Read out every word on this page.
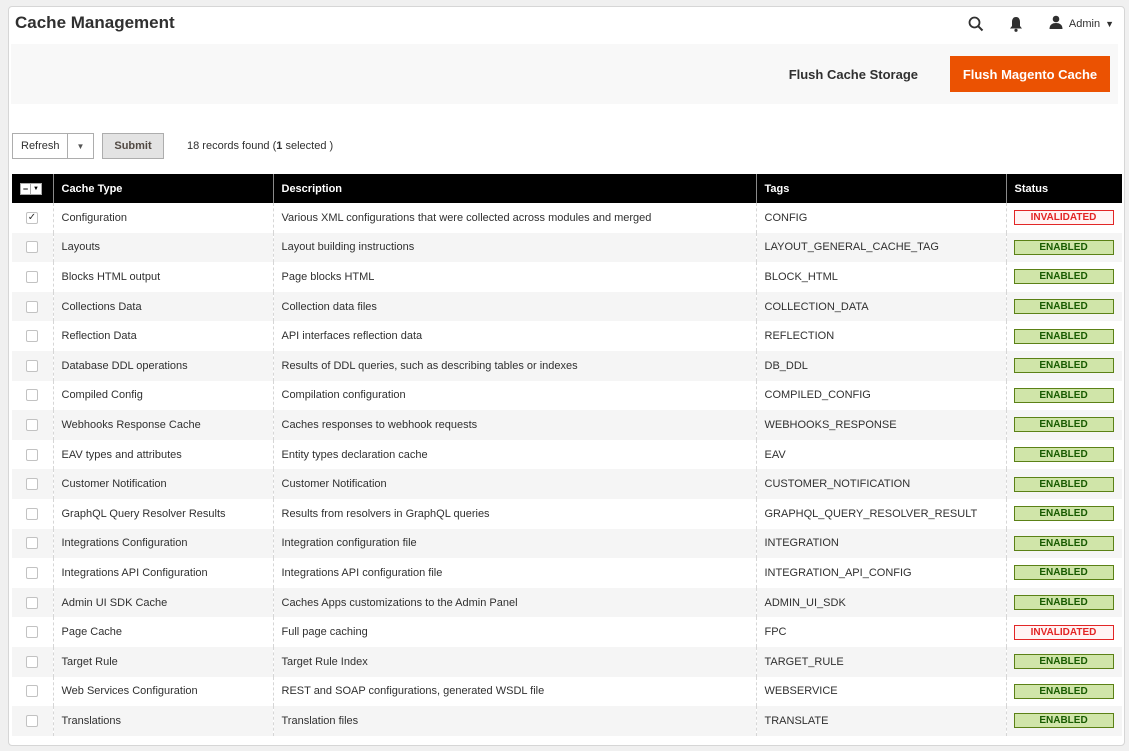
Cache Management	Admin ▼
Flush Cache Storage	Flush Magento Cache
Refresh	▼	Submit	18 records found (1 selected )
− ▼	Cache Type	Description	Tags	Status

✓	Configuration	Various XML configurations that were collected across modules and merged	CONFIG	INVALIDATED

	Layouts	Layout building instructions	LAYOUT_GENERAL_CACHE_TAG	ENABLED

	Blocks HTML output	Page blocks HTML	BLOCK_HTML	ENABLED

	Collections Data	Collection data files	COLLECTION_DATA	ENABLED

	Reflection Data	API interfaces reflection data	REFLECTION	ENABLED

	Database DDL operations	Results of DDL queries, such as describing tables or indexes	DB_DDL	ENABLED

	Compiled Config	Compilation configuration	COMPILED_CONFIG	ENABLED

	Webhooks Response Cache	Caches responses to webhook requests	WEBHOOKS_RESPONSE	ENABLED

	EAV types and attributes	Entity types declaration cache	EAV	ENABLED

	Customer Notification	Customer Notification	CUSTOMER_NOTIFICATION	ENABLED

	GraphQL Query Resolver Results	Results from resolvers in GraphQL queries	GRAPHQL_QUERY_RESOLVER_RESULT	ENABLED

	Integrations Configuration	Integration configuration file	INTEGRATION	ENABLED

	Integrations API Configuration	Integrations API configuration file	INTEGRATION_API_CONFIG	ENABLED

	Admin UI SDK Cache	Caches Apps customizations to the Admin Panel	ADMIN_UI_SDK	ENABLED

	Page Cache	Full page caching	FPC	INVALIDATED

	Target Rule	Target Rule Index	TARGET_RULE	ENABLED

	Web Services Configuration	REST and SOAP configurations, generated WSDL file	WEBSERVICE	ENABLED

	Translations	Translation files	TRANSLATE	ENABLED
